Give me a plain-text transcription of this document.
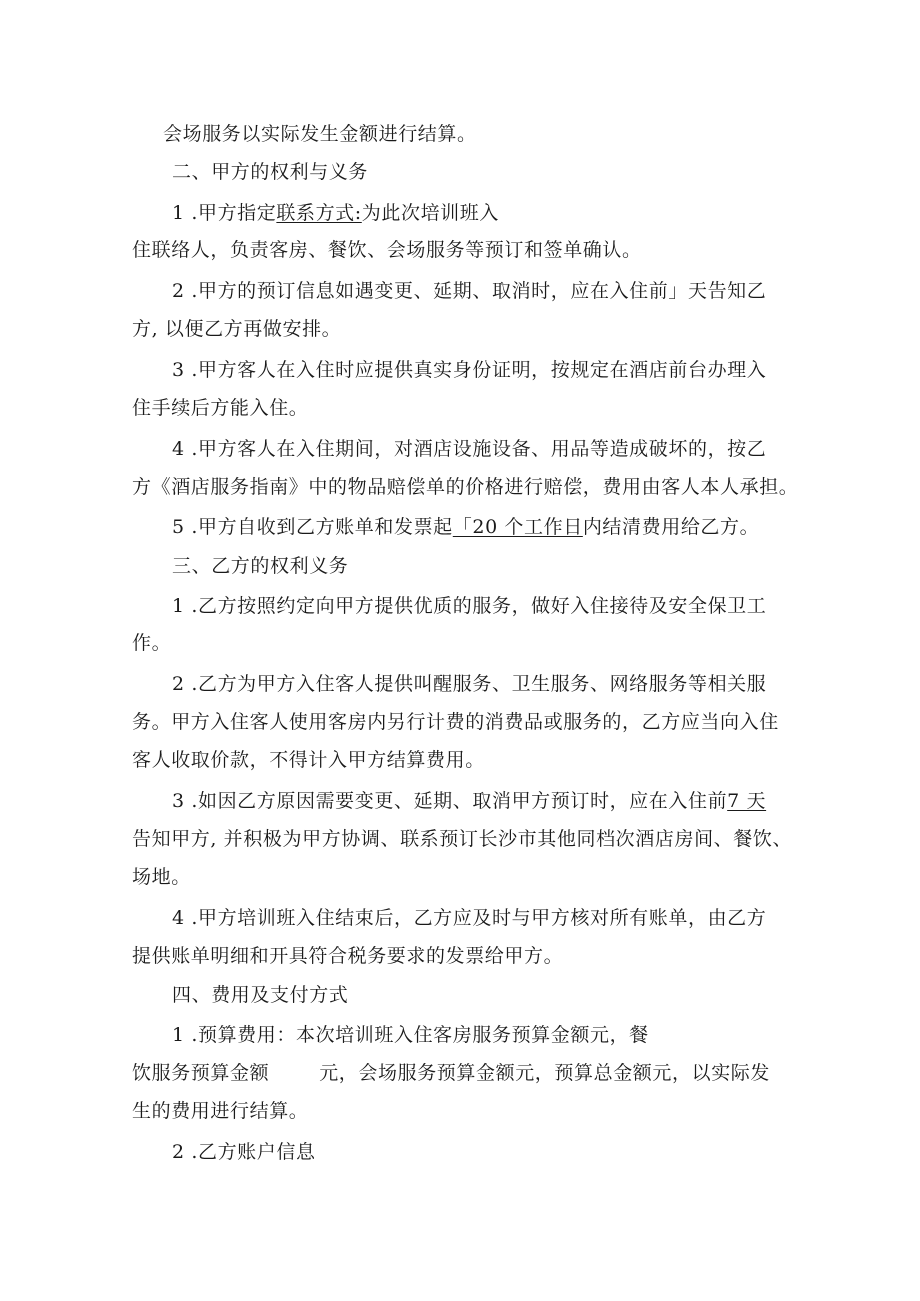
会场服务以实际发生金额进行结算。
二、甲方的权利与义务
1 .甲方指定联系方式:为此次培训班入
住联络人，负责客房、餐饮、会场服务等预订和签单确认。
2 .甲方的预订信息如遇变更、延期、取消时，应在入住前」天告知乙
方, 以便乙方再做安排。
3 .甲方客人在入住时应提供真实身份证明，按规定在酒店前台办理入
住手续后方能入住。
4 .甲方客人在入住期间，对酒店设施设备、用品等造成破坏的，按乙
方《酒店服务指南》中的物品赔偿单的价格进行赔偿，费用由客人本人承担。
5 .甲方自收到乙方账单和发票起「20 个工作日内结清费用给乙方。
三、乙方的权利义务
1 .乙方按照约定向甲方提供优质的服务，做好入住接待及安全保卫工
作。
2 .乙方为甲方入住客人提供叫醒服务、卫生服务、网络服务等相关服
务。甲方入住客人使用客房内另行计费的消费品或服务的，乙方应当向入住
客人收取价款，不得计入甲方结算费用。
3 .如因乙方原因需要变更、延期、取消甲方预订时，应在入住前7 天
告知甲方, 并积极为甲方协调、联系预订长沙市其他同档次酒店房间、餐饮、
场地。
4 .甲方培训班入住结束后，乙方应及时与甲方核对所有账单，由乙方
提供账单明细和开具符合税务要求的发票给甲方。
四、费用及支付方式
1 .预算费用：本次培训班入住客房服务预算金额元，餐
饮服务预算金额	元，会场服务预算金额元，预算总金额元，以实际发
生的费用进行结算。
2 .乙方账户信息
